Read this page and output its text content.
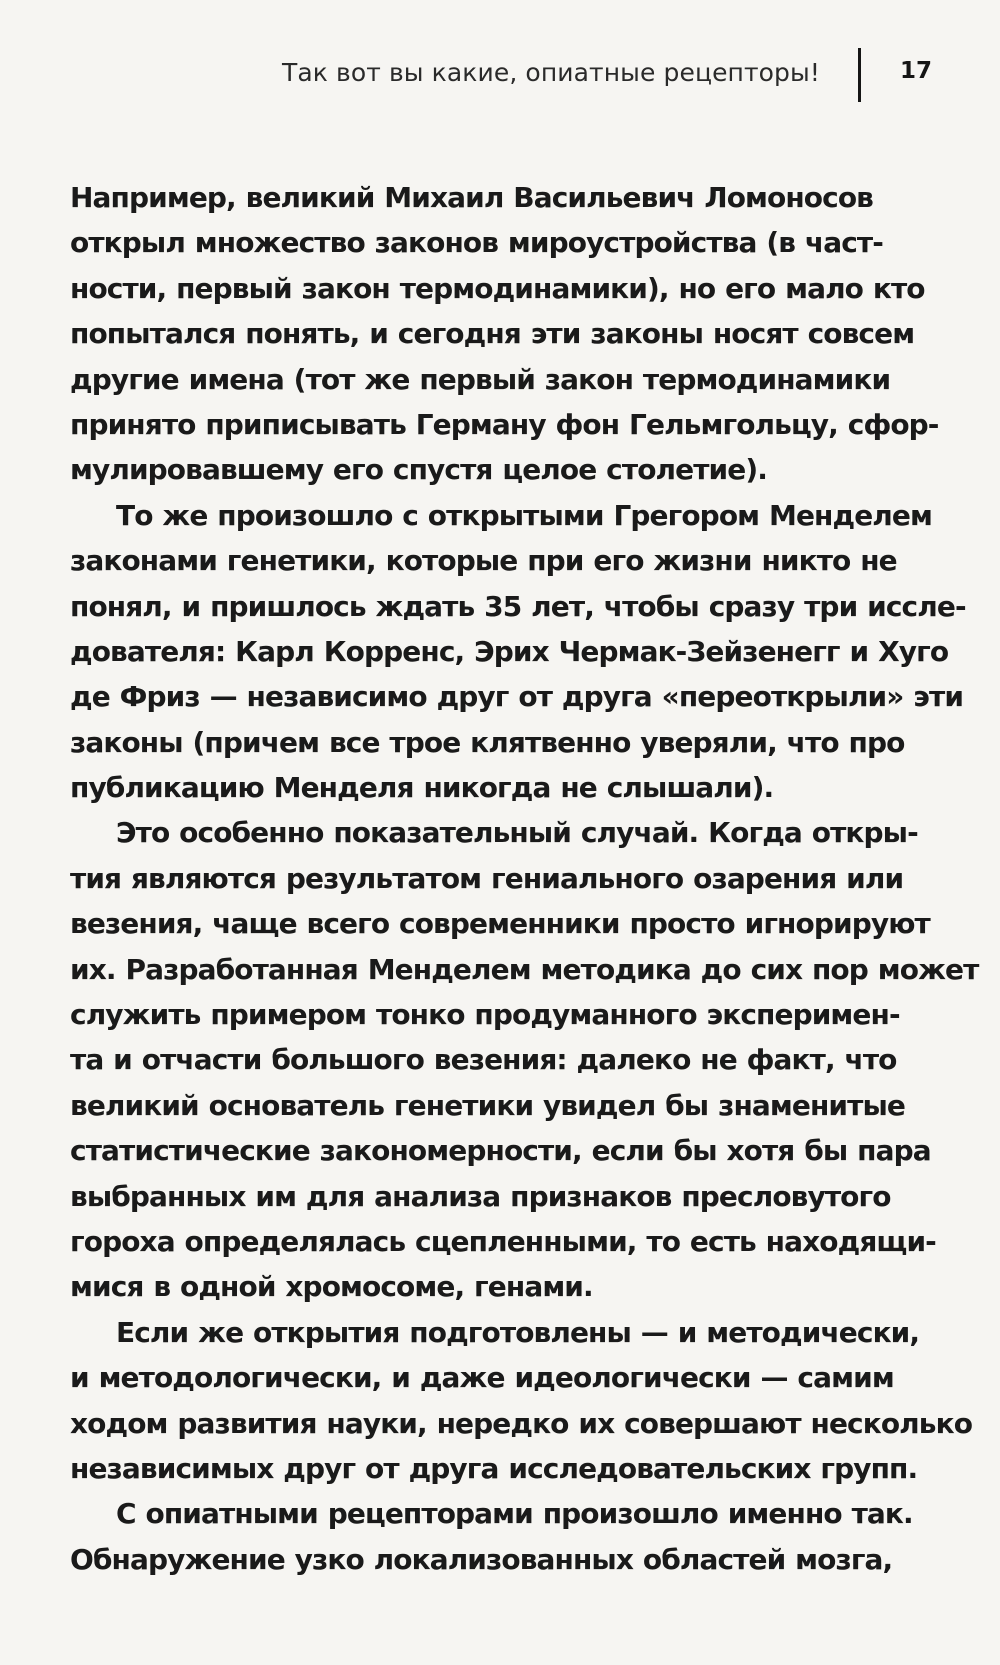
Так вот вы какие, опиатные рецепторы!	17
Например, великий Михаил Васильевич Ломоносов
открыл множество законов мироустройства (в част-
ности, первый закон термодинамики), но его мало кто
попытался понять, и сегодня эти законы носят совсем
другие имена (тот же первый закон термодинамики
принято приписывать Герману фон Гельмгольцу, сфор-
мулировавшему его спустя целое столетие).
То же произошло с открытыми Грегором Менделем
законами генетики, которые при его жизни никто не
понял, и пришлось ждать 35 лет, чтобы сразу три иссле-
дователя: Карл Корренс, Эрих Чермак-Зейзенегг и Хуго
де Фриз — независимо друг от друга «переоткрыли» эти
законы (причем все трое клятвенно уверяли, что про
публикацию Менделя никогда не слышали).
Это особенно показательный случай. Когда откры-
тия являются результатом гениального озарения или
везения, чаще всего современники просто игнорируют
их. Разработанная Менделем методика до сих пор может
служить примером тонко продуманного эксперимен-
та и отчасти большого везения: далеко не факт, что
великий основатель генетики увидел бы знаменитые
статистические закономерности, если бы хотя бы пара
выбранных им для анализа признаков пресловутого
гороха определялась сцепленными, то есть находящи-
мися в одной хромосоме, генами.
Если же открытия подготовлены — и методически,
и методологически, и даже идеологически — самим
ходом развития науки, нередко их совершают несколько
независимых друг от друга исследовательских групп.
С опиатными рецепторами произошло именно так.
Обнаружение узко локализованных областей мозга,
